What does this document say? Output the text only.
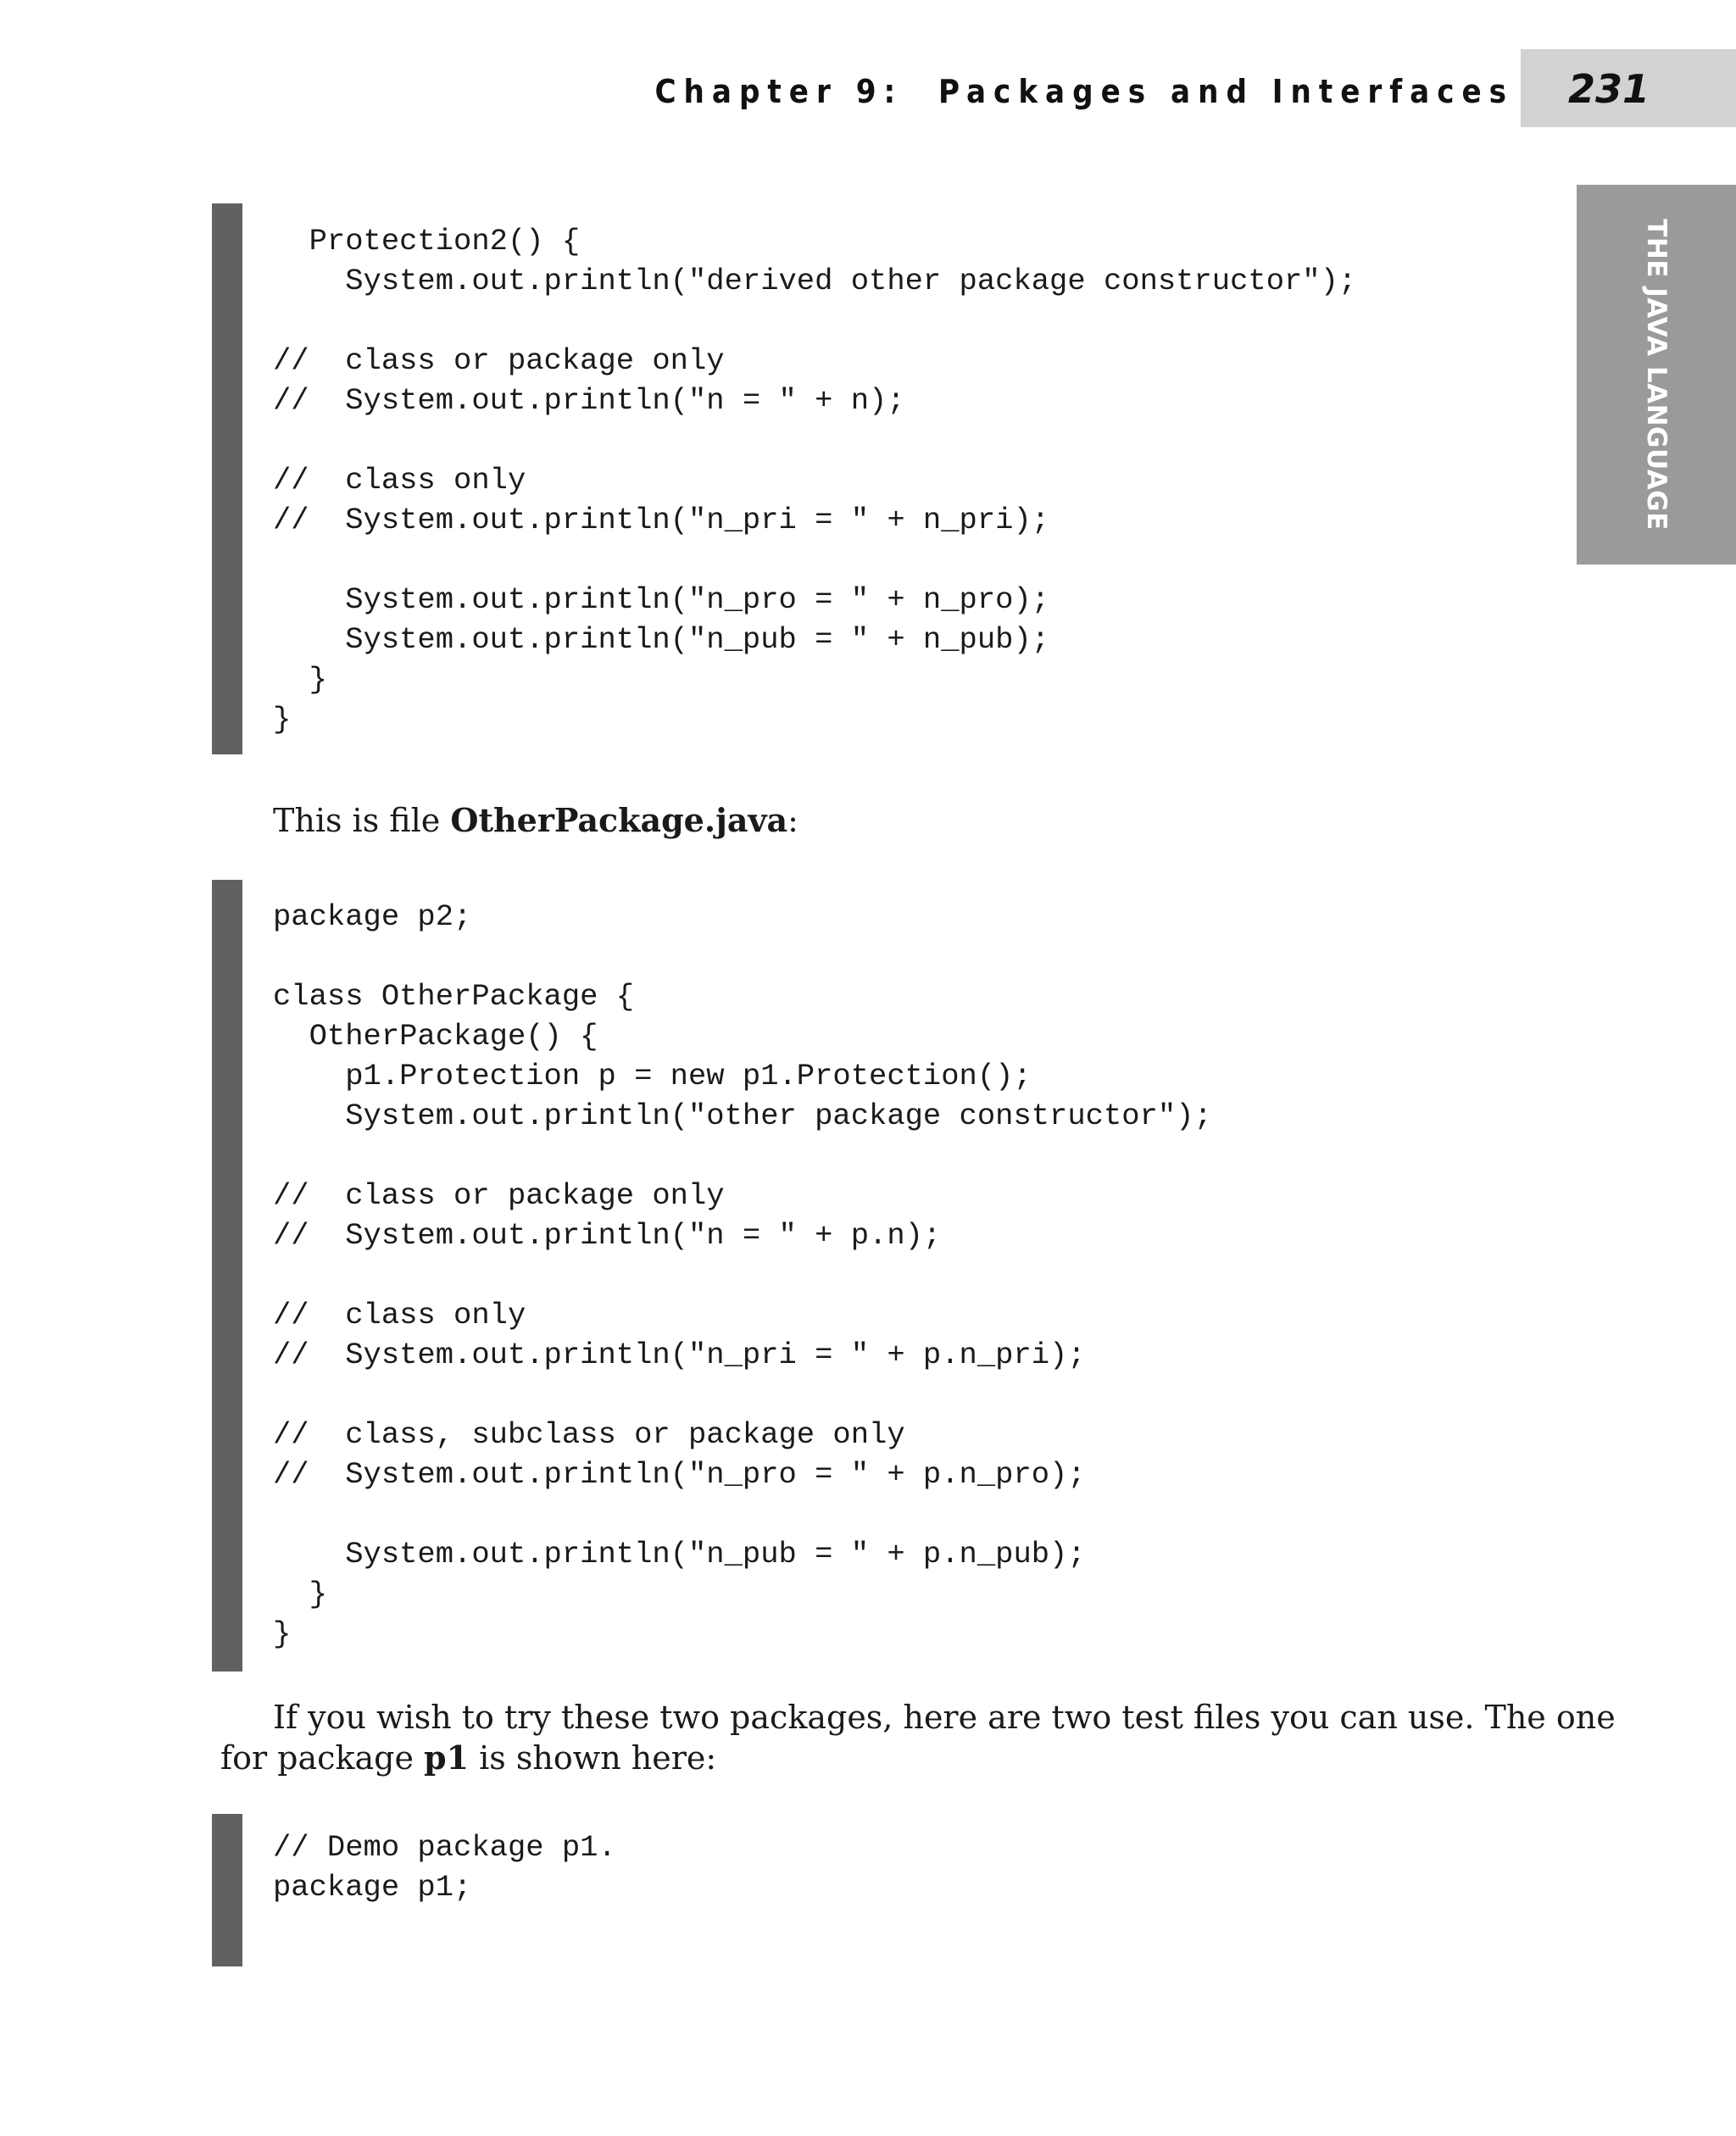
Chapter 9:  Packages and Interfaces 231
THE JAVA LANGUAGE
Protection2() {
System.out.println("derived other package constructor");

//  class or package only
//  System.out.println("n = " + n);

//  class only
//  System.out.println("n_pri = " + n_pri);

System.out.println("n_pro = " + n_pro);
System.out.println("n_pub = " + n_pub);
}
}
This is file OtherPackage.java:
package p2;

class OtherPackage {
OtherPackage() {
p1.Protection p = new p1.Protection();
System.out.println("other package constructor");

//  class or package only
//  System.out.println("n = " + p.n);

//  class only
//  System.out.println("n_pri = " + p.n_pri);

//  class, subclass or package only
//  System.out.println("n_pro = " + p.n_pro);

System.out.println("n_pub = " + p.n_pub);
}
}
If you wish to try these two packages, here are two test files you can use. The one
for package p1 is shown here:
// Demo package p1.
package p1;
